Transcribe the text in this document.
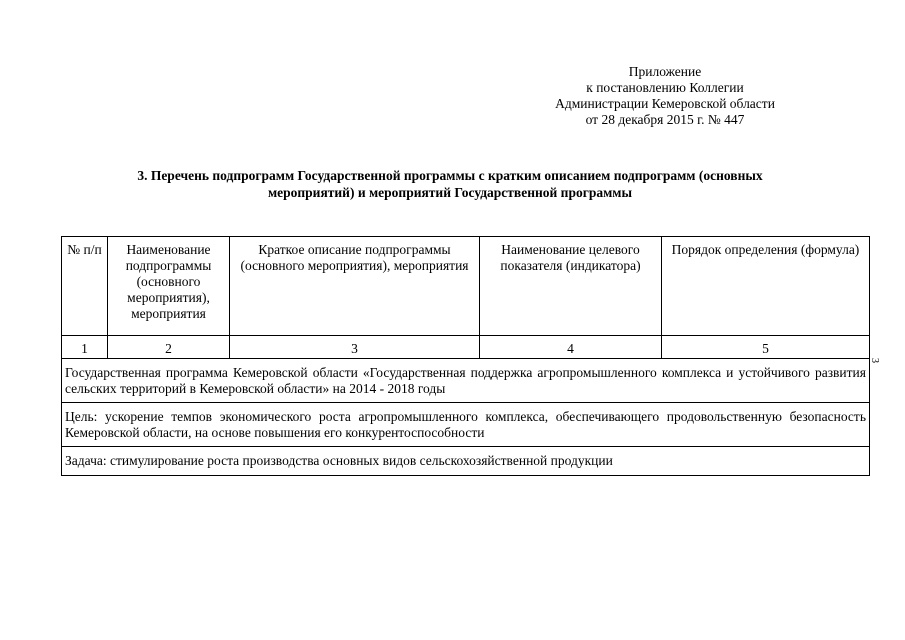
Приложение
к постановлению Коллегии
Администрации Кемеровской области
от 28 декабря 2015 г. № 447
3. Перечень подпрограмм Государственной программы с кратким описанием подпрограмм (основных
мероприятий) и мероприятий Государственной программы
№ п/п	Наименование подпрограммы (основного мероприятия), мероприятия	Краткое описание подпрограммы (основного мероприятия), мероприятия	Наименование целевого показателя (индикатора)	Порядок определения (формула)
1	2	3	4	5
Государственная программа Кемеровской области «Государственная поддержка агропромышленного комплекса и устойчивого развития сельских территорий в Кемеровской области» на 2014 - 2018 годы				
Цель: ускорение темпов экономического роста агропромышленного комплекса, обеспечивающего продовольственную безопасность Кемеровской области, на основе повышения его конкурентоспособности				
Задача: стимулирование роста производства основных видов сельскохозяйственной продукции				
3
